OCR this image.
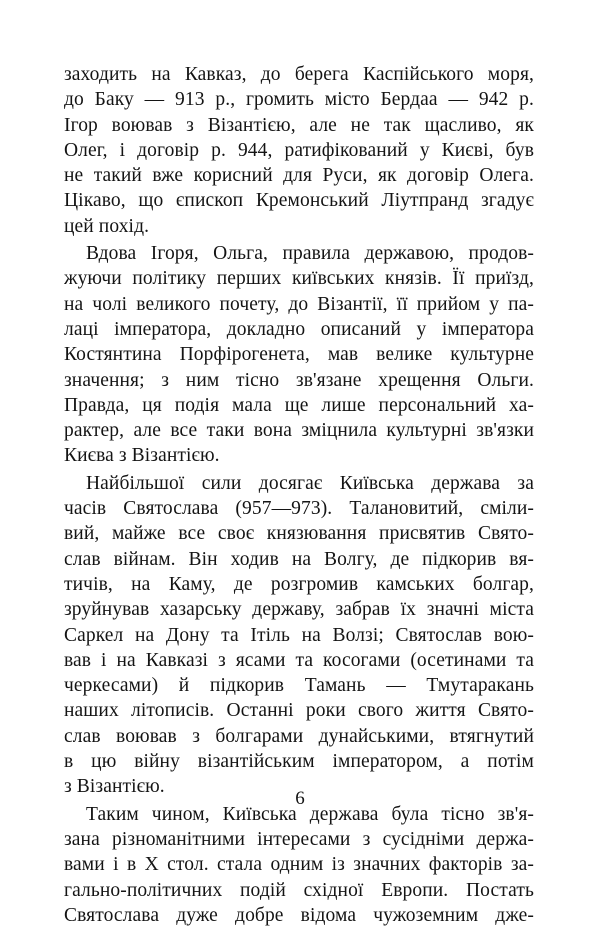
заходить на Кавказ, до берега Каспійського моря,
до Баку — 913 р., громить місто Бердаа — 942 р.
Ігор воював з Візантією, але не так щасливо, як
Олег, і договір р. 944, ратифікований у Києві, був
не такий вже корисний для Руси, як договір Олега.
Цікаво, що єпископ Кремонський Ліутпранд згадує
цей похід.
Вдова Ігоря, Ольга, правила державою, продов-
жуючи політику перших київських князів. Її приїзд,
на чолі великого почету, до Візантії, її прийом у па-
лаці імператора, докладно описаний у імператора
Костянтина Порфірогенета, мав велике культурне
значення; з ним тісно зв'язане хрещення Ольги.
Правда, ця подія мала ще лише персональний ха-
рактер, але все таки вона зміцнила культурні зв'язки
Києва з Візантією.
Найбільшої сили досягає Київська держава за
часів Святослава (957—973). Талановитий, сміли-
вий, майже все своє князювання присвятив Свято-
слав війнам. Він ходив на Волгу, де підкорив вя-
тичів, на Каму, де розгромив камських болгар,
зруйнував хазарську державу, забрав їх значні міста
Саркел на Дону та Ітіль на Волзі; Святослав вою-
вав і на Кавказі з ясами та косогами (осетинами та
черкесами) й підкорив Тамань — Тмутаракань
наших літописів. Останні роки свого життя Свято-
слав воював з болгарами дунайськими, втягнутий
в цю війну візантійським імператором, а потім
з Візантією.
Таким чином, Київська держава була тісно зв'я-
зана різноманітними інтересами з сусідніми держа-
вами і в X стол. стала одним із значних факторів за-
гально-політичних подій східної Европи. Постать
Святослава дуже добре відома чужоземним дже-
6
